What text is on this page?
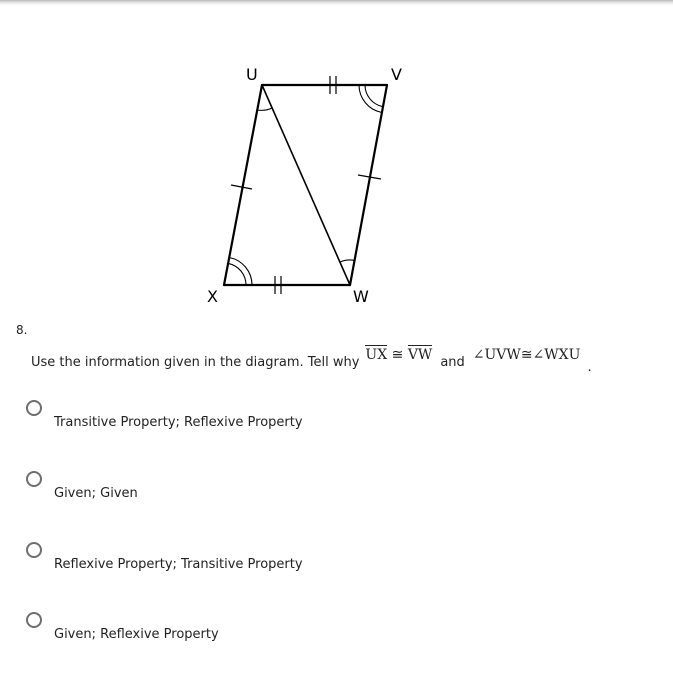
U	V
W
X
8.
Use the information given in the diagram. Tell why UX ≅ VW and ∠UVW≅∠WXU
.
Transitive Property; Reflexive Property
Given; Given
Reflexive Property; Transitive Property
Given; Reflexive Property
